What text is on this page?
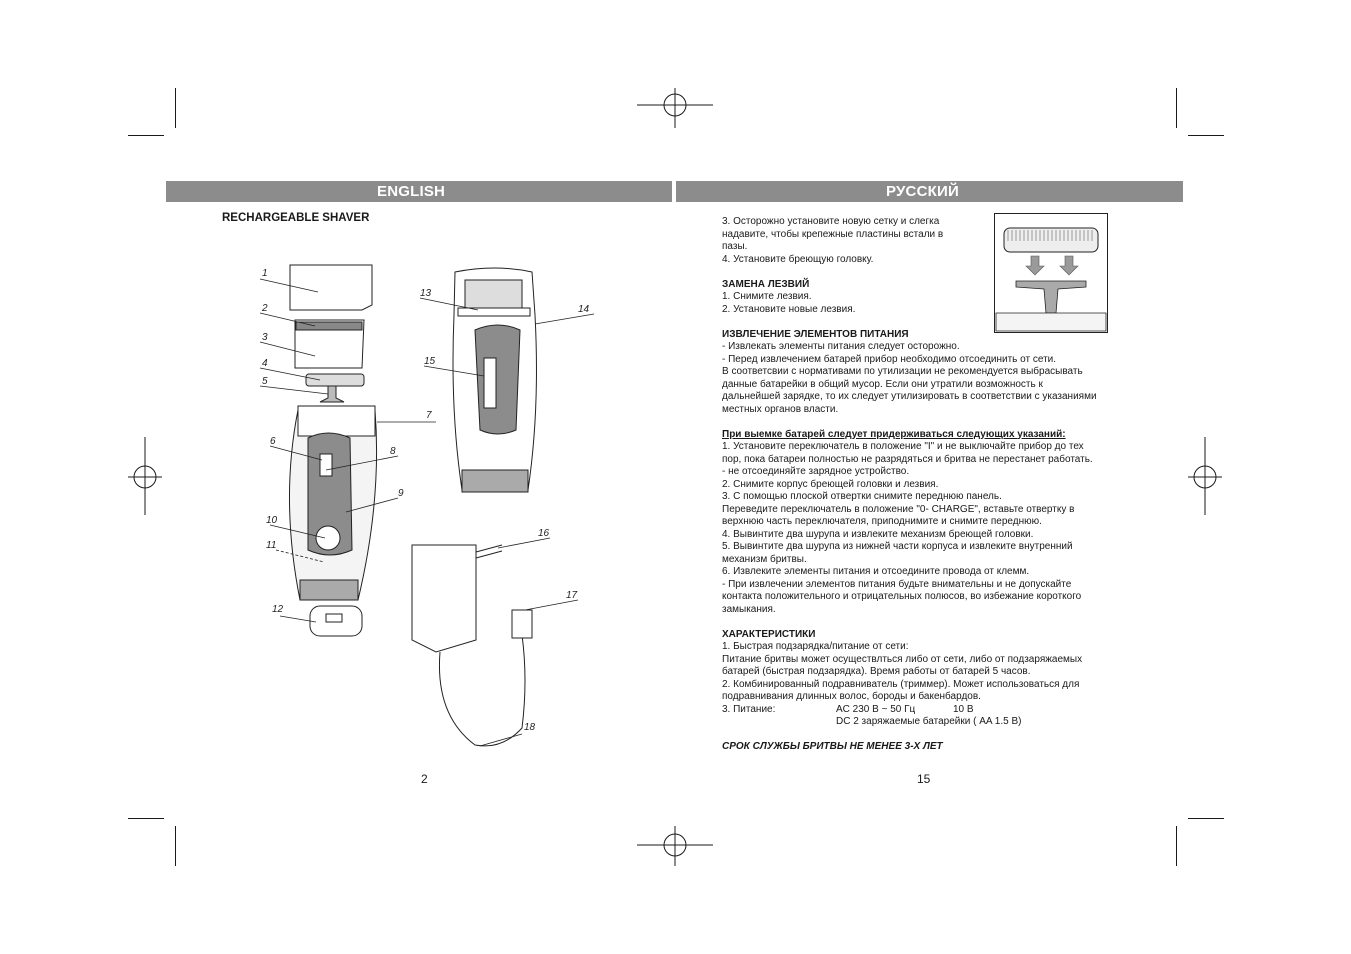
ENGLISH	РУССКИЙ
RECHARGEABLE SHAVER
1
2
3
4
5
7
6
8
9
10
11
12
13
14
15
16
17
18
2

3. Осторожно установите новую сетку и слегка

надавите, чтобы крепежные пластины встали в

пазы.

4. Установите бреющую головку.

ЗАМЕНА ЛЕЗВИЙ

1. Снимите лезвия.

2. Установите новые лезвия.

ИЗВЛЕЧЕНИЕ ЭЛЕМЕНТОВ ПИТАНИЯ

- Извлекать элементы питания следует осторожно.

- Перед извлечением батарей прибор необходимо отсоединить от сети.

В соответсвии с нормативами по утилизации не рекомендуется выбрасывать

данные батарейки в общий мусор. Если они утратили возможность к

дальнейшей зарядке, то их следует утилизировать в соответствии с указаниями

местных органов власти.

При выемке батарей следует придерживаться следующих указаний:

1. Установите переключатель в положение "I" и не выключайте прибор до тех

пор, пока батареи полностью не разрядяться и бритва не перестанет работать.

- не отсоединяйте зарядное устройство.

2. Снимите корпус бреющей головки и лезвия.

3. С помощью плоской отвертки снимите переднюю панель.

Переведите переключатель в положение "0- CHARGE", вставьте отвертку в

верхнюю часть переключателя, приподнимите и снимите переднюю.

4. Вывинтите два шурупа и извлеките механизм бреющей головки.

5. Вывинтите два шурупа из нижней части корпуса и извлеките внутренний

механизм бритвы.

6. Извлеките элементы питания и отсоедините провода от клемм.

- При извлечении элементов питания будьте внимательны и не допускайте

контакта положительного и отрицательных полюсов, во избежание короткого

замыкания.

ХАРАКТЕРИСТИКИ

1. Быстрая подзарядка/питание от сети:

Питание бритвы может осуществлться либо от сети, либо от подзаряжаемых

батарей (быстрая подзарядка). Время работы от батарей 5 часов.

2. Комбинированный подравниватель (триммер). Может использоваться для

подравнивания длинных волос, бороды и бакенбардов.

3. Питание:	AC 230 В ~ 50 Гц	10 В
DC 2 заряжаемые батарейки ( AA 1.5 В)

СРОК СЛУЖБЫ БРИТВЫ НЕ МЕНЕЕ 3-Х ЛЕТ

15
